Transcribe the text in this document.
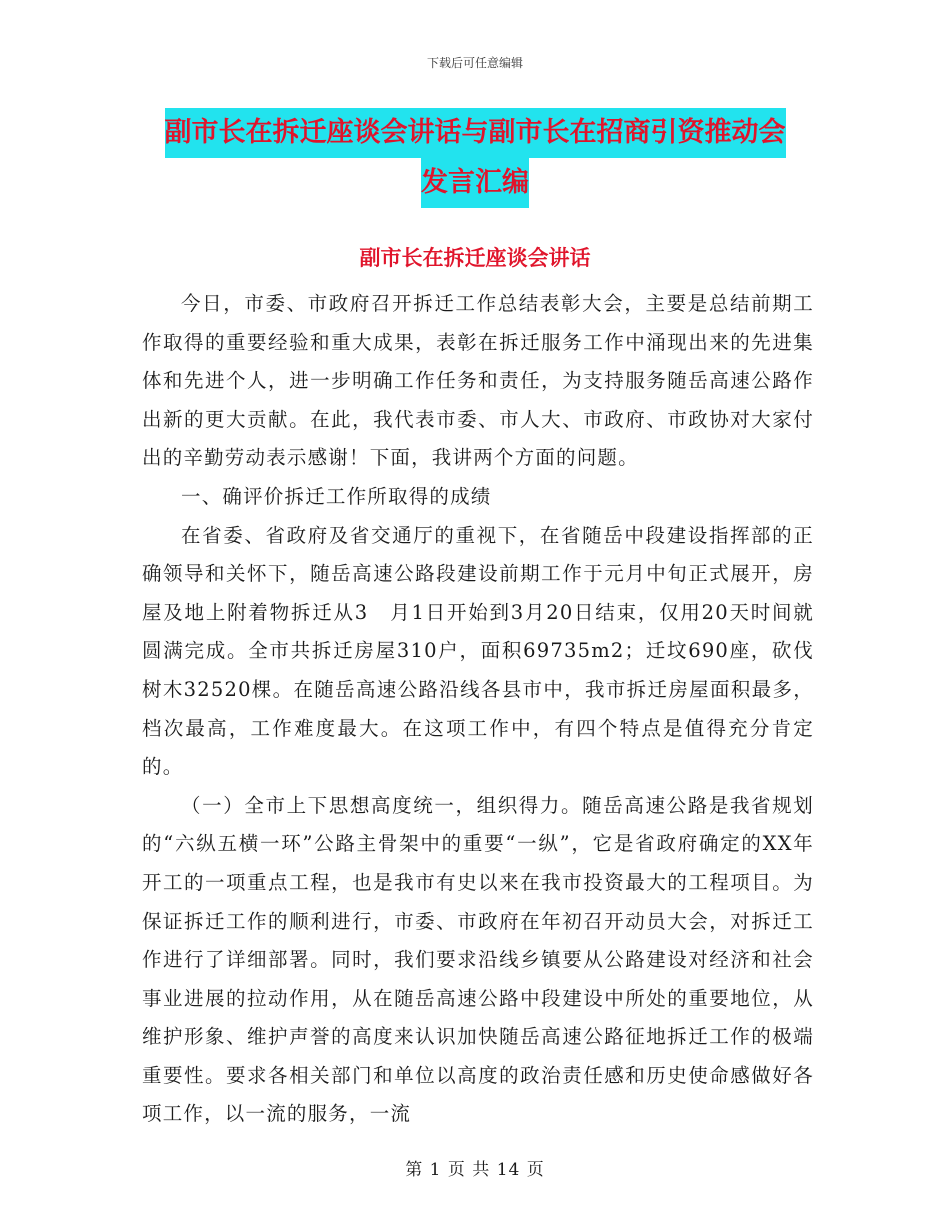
下载后可任意编辑
副市长在拆迁座谈会讲话与副市长在招商引资推动会
发言汇编
副市长在拆迁座谈会讲话

今日，市委、市政府召开拆迁工作总结表彰大会，主要是总结前期工作取得的重要经验和重大成果，表彰在拆迁服务工作中涌现出来的先进集体和先进个人，进一步明确工作任务和责任，为支持服务随岳高速公路作出新的更大贡献。在此，我代表市委、市人大、市政府、市政协对大家付出的辛勤劳动表示感谢！下面，我讲两个方面的问题。

一、确评价拆迁工作所取得的成绩

在省委、省政府及省交通厅的重视下，在省随岳中段建设指挥部的正确领导和关怀下，随岳高速公路段建设前期工作于元月中旬正式展开，房屋及地上附着物拆迁从3　月1日开始到3月20日结束，仅用20天时间就圆满完成。全市共拆迁房屋310户，面积69735m2；迁坟690座，砍伐树木32520棵。在随岳高速公路沿线各县市中，我市拆迁房屋面积最多，档次最高，工作难度最大。在这项工作中，有四个特点是值得充分肯定的。

（一）全市上下思想高度统一，组织得力。随岳高速公路是我省规划的“六纵五横一环”公路主骨架中的重要“一纵”，它是省政府确定的XX年开工的一项重点工程，也是我市有史以来在我市投资最大的工程项目。为保证拆迁工作的顺利进行，市委、市政府在年初召开动员大会，对拆迁工作进行了详细部署。同时，我们要求沿线乡镇要从公路建设对经济和社会事业进展的拉动作用，从在随岳高速公路中段建设中所处的重要地位，从维护形象、维护声誉的高度来认识加快随岳高速公路征地拆迁工作的极端重要性。要求各相关部门和单位以高度的政治责任感和历史使命感做好各项工作，以一流的服务，一流

第 1 页 共 14 页
